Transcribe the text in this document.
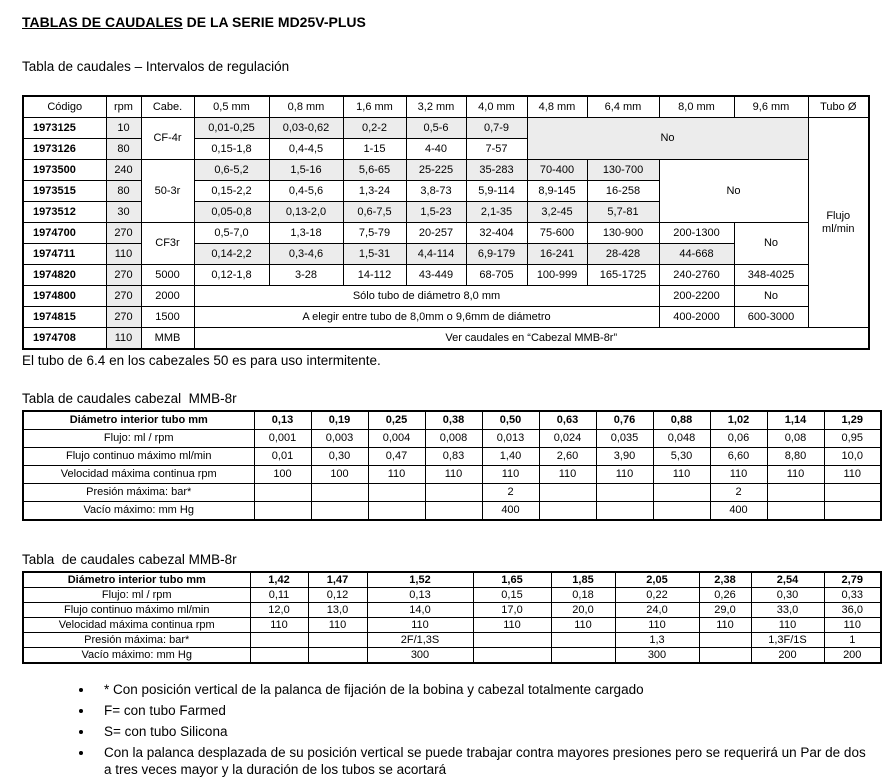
TABLAS DE CAUDALES DE LA SERIE MD25V-PLUS
Tabla de caudales – Intervalos de regulación
Código	rpm	Cabe.	0,5 mm	0,8 mm	1,6 mm	3,2 mm	4,0 mm	4,8 mm	6,4 mm	8,0 mm	9,6 mm	Tubo Ø
1973125	10	CF-4r	0,01-0,25	0,03-0,62	0,2-2	0,5-6	0,7-9	No				Flujo ml/min
1973126	80		0,15-1,8	0,4-4,5	1-15	4-40	7-57					
1973500	240	50-3r	0,6-5,2	1,5-16	5,6-65	25-225	35-283	70-400	130-700	No		
1973515	80		0,15-2,2	0,4-5,6	1,3-24	3,8-73	5,9-114	8,9-145	16-258			
1973512	30		0,05-0,8	0,13-2,0	0,6-7,5	1,5-23	2,1-35	3,2-45	5,7-81			
1974700	270	CF3r	0,5-7,0	1,3-18	7,5-79	20-257	32-404	75-600	130-900	200-1300	No	
1974711	110		0,14-2,2	0,3-4,6	1,5-31	4,4-114	6,9-179	16-241	28-428	44-668		
1974820	270	5000	0,12-1,8	3-28	14-112	43-449	68-705	100-999	165-1725	240-2760	348-4025	
1974800	270	2000	Sólo tubo de diámetro 8,0 mm							200-2200	No	
1974815	270	1500	A elegir entre tubo de 8,0mm o 9,6mm de diámetro							400-2000	600-3000	
1974708	110	MMB	Ver caudales en “Cabezal MMB-8r”									
El tubo de 6.4 en los cabezales 50 es para uso intermitente.
Tabla de caudales cabezal  MMB-8r
Diámetro interior tubo mm	0,13	0,19	0,25	0,38	0,50	0,63	0,76	0,88	1,02	1,14	1,29
Flujo: ml / rpm	0,001	0,003	0,004	0,008	0,013	0,024	0,035	0,048	0,06	0,08	0,95
Flujo continuo máximo ml/min	0,01	0,30	0,47	0,83	1,40	2,60	3,90	5,30	6,60	8,80	10,0
Velocidad máxima continua rpm	100	100	110	110	110	110	110	110	110	110	110
Presión máxima: bar*					2				2		
Vacío máximo: mm Hg					400				400		
Tabla  de caudales cabezal MMB-8r
Diámetro interior tubo mm	1,42	1,47	1,52	1,65	1,85	2,05	2,38	2,54	2,79
Flujo: ml / rpm	0,11	0,12	0,13	0,15	0,18	0,22	0,26	0,30	0,33
Flujo continuo máximo ml/min	12,0	13,0	14,0	17,0	20,0	24,0	29,0	33,0	36,0
Velocidad máxima continua rpm	110	110	110	110	110	110	110	110	110
Presión máxima: bar*			2F/1,3S			1,3		1,3F/1S	1
Vacío máximo: mm Hg			300			300		200	200
• * Con posición vertical de la palanca de fijación de la bobina y cabezal totalmente cargado
• F= con tubo Farmed
• S= con tubo Silicona
• Con la palanca desplazada de su posición vertical se puede trabajar contra mayores presiones pero se requerirá un Par de dos a tres veces mayor y la duración de los tubos se acortará
